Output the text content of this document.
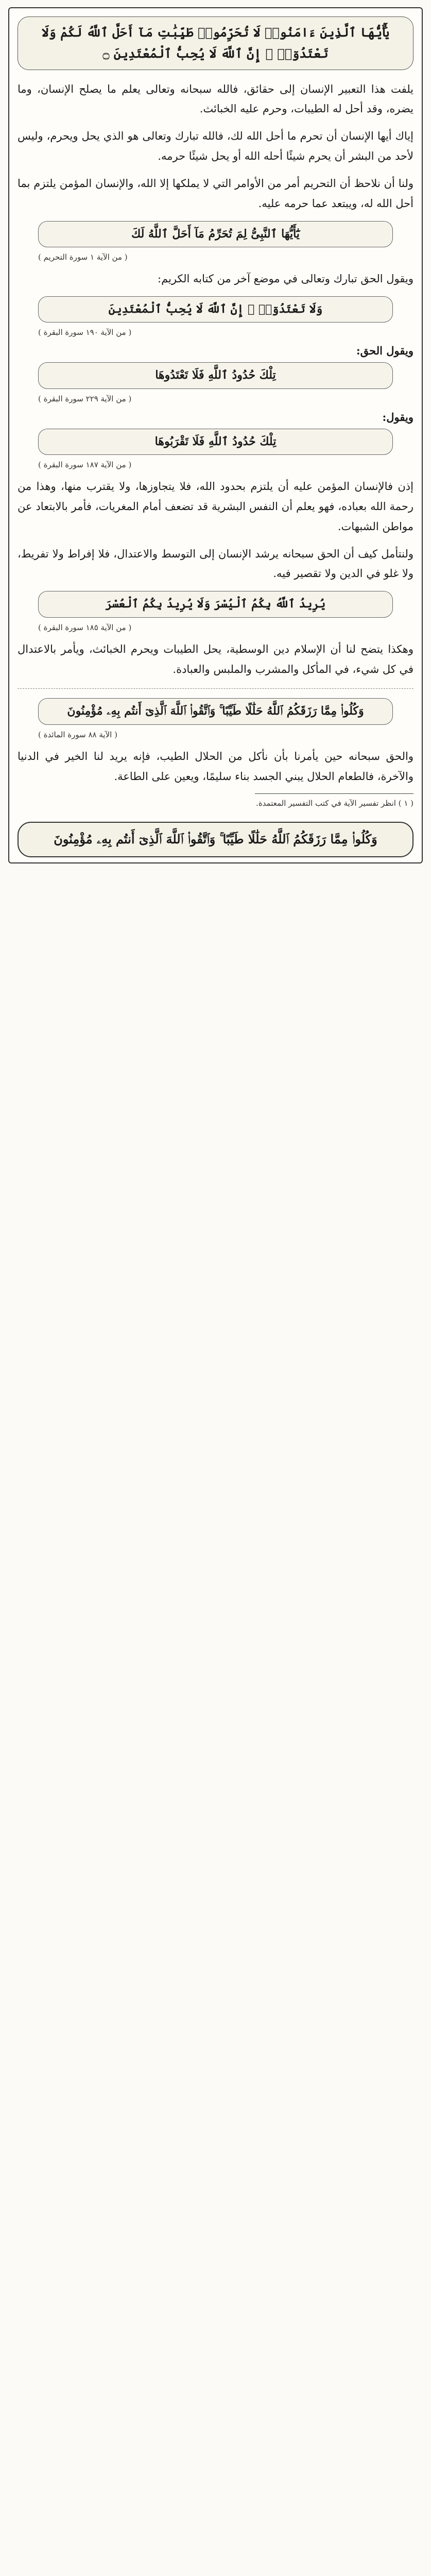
يَٰٓأَيُّهَا ٱلَّذِينَ ءَامَنُوا۟ لَا تُحَرِّمُوا۟ طَيِّبَٰتِ مَآ أَحَلَّ ٱللَّهُ لَكُمْ وَلَا تَعْتَدُوٓا۟ ۚ إِنَّ ٱللَّهَ لَا يُحِبُّ ٱلْمُعْتَدِينَ ۝

يلفت هذا التعبير الإنسان إلى حقائق، فالله سبحانه وتعالى يعلم ما يصلح الإنسان، وما يضره، وقد أحل له الطيبات، وحرم عليه الخبائث.

إياك أيها الإنسان أن تحرم ما أحل الله لك، فالله تبارك وتعالى هو الذي يحل ويحرم، وليس لأحد من البشر أن يحرم شيئًا أحله الله أو يحل شيئًا حرمه.

ولنا أن نلاحظ أن التحريم أمر من الأوامر التي لا يملكها إلا الله، والإنسان المؤمن يلتزم بما أحل الله له، ويبتعد عما حرمه عليه.

يَٰٓأَيُّهَا ٱلنَّبِىُّ لِمَ تُحَرِّمُ مَآ أَحَلَّ ٱللَّهُ لَكَ
( من الآية ١ سورة التحريم )

ويقول الحق تبارك وتعالى في موضع آخر من كتابه الكريم:

وَلَا تَعْتَدُوٓا۟ ۚ إِنَّ ٱللَّهَ لَا يُحِبُّ ٱلْمُعْتَدِينَ
( من الآية ١٩٠ سورة البقرة )
ويقول الحق:
تِلْكَ حُدُودُ ٱللَّهِ فَلَا تَعْتَدُوهَا
( من الآية ٢٢٩ سورة البقرة )
ويقول:
تِلْكَ حُدُودُ ٱللَّهِ فَلَا تَقْرَبُوهَا
( من الآية ١٨٧ سورة البقرة )

إذن فالإنسان المؤمن عليه أن يلتزم بحدود الله، فلا يتجاوزها، ولا يقترب منها، وهذا من رحمة الله بعباده، فهو يعلم أن النفس البشرية قد تضعف أمام المغريات، فأمر بالابتعاد عن مواطن الشبهات.

ولنتأمل كيف أن الحق سبحانه يرشد الإنسان إلى التوسط والاعتدال، فلا إفراط ولا تفريط، ولا غلو في الدين ولا تقصير فيه.

يُرِيدُ ٱللَّهُ بِكُمُ ٱلْيُسْرَ وَلَا يُرِيدُ بِكُمُ ٱلْعُسْرَ
( من الآية ١٨٥ سورة البقرة )

وهكذا يتضح لنا أن الإسلام دين الوسطية، يحل الطيبات ويحرم الخبائث، ويأمر بالاعتدال في كل شيء، في المأكل والمشرب والملبس والعبادة.

وَكُلُوا۟ مِمَّا رَزَقَكُمُ ٱللَّهُ حَلَٰلًا طَيِّبًا ۚ وَٱتَّقُوا۟ ٱللَّهَ ٱلَّذِىٓ أَنتُم بِهِۦ مُؤْمِنُونَ
( الآية ٨٨ سورة المائدة )

والحق سبحانه حين يأمرنا بأن نأكل من الحلال الطيب، فإنه يريد لنا الخير في الدنيا والآخرة، فالطعام الحلال يبني الجسد بناء سليمًا، ويعين على الطاعة.

( ١ ) انظر تفسير الآية في كتب التفسير المعتمدة.
وَكُلُوا۟ مِمَّا رَزَقَكُمُ ٱللَّهُ حَلَٰلًا طَيِّبًا ۚ وَٱتَّقُوا۟ ٱللَّهَ ٱلَّذِىٓ أَنتُم بِهِۦ مُؤْمِنُونَ
